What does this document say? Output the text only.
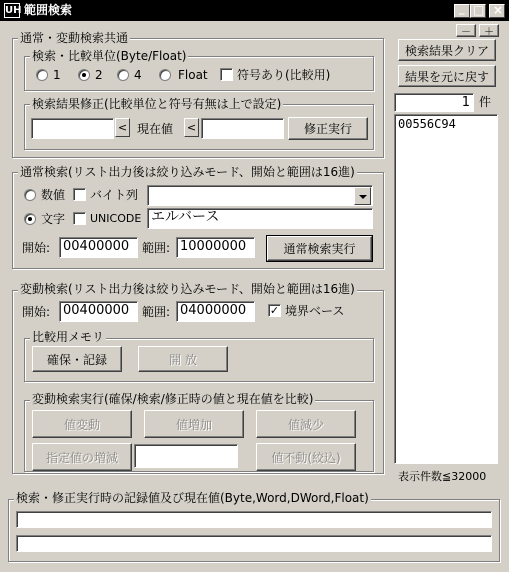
UH 範囲検索	_ □ ×
通常・変動検索共通
検索・比較単位(Byte/Float)
1	2	4	Float 符号あり(比較用)
検索結果修正(比較単位と符号有無は上で設定)
< 現在値 <	修正実行
通常検索(リスト出力後は絞り込みモード、開始と範囲は16進)
数値 バイト列
文字 UNICODE エルバース
開始: 00400000	範囲: 10000000	通常検索実行
変動検索(リスト出力後は絞り込みモード、開始と範囲は16進)
開始: 00400000	範囲: 04000000	✓ 境界ベース
比較用メモリ
確保・記録	開 放
変動検索実行(確保/検索/修正時の値と現在値を比較)
値変動	値増加	値減少
指定値の増減	値不動(絞込)
－	＋
検索結果クリア
結果を元に戻す
1 件
00556C94
表示件数≦32000
検索・修正実行時の記録値及び現在値(Byte,Word,DWord,Float)
